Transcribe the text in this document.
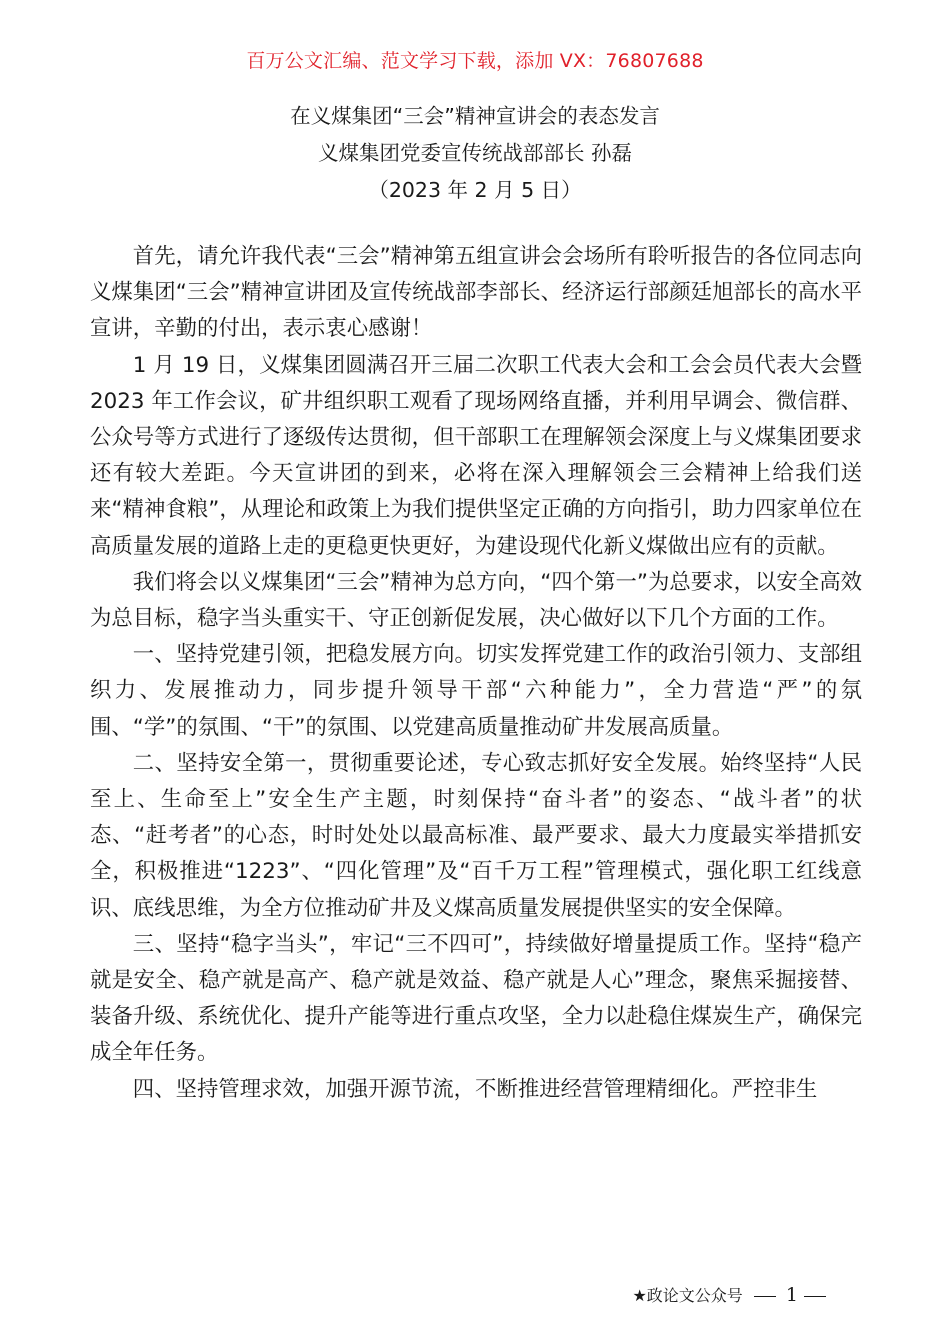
百万公文汇编、范文学习下载，添加 VX：76807688
在义煤集团“三会”精神宣讲会的表态发言
义煤集团党委宣传统战部部长 孙磊
（2023 年 2 月 5 日）

首先，请允许我代表“三会”精神第五组宣讲会会场所有聆听报告的各位同志向义煤集团“三会”精神宣讲团及宣传统战部李部长、经济运行部颜廷旭部长的高水平宣讲，辛勤的付出，表示衷心感谢！

1 月 19 日，义煤集团圆满召开三届二次职工代表大会和工会会员代表大会暨 2023 年工作会议，矿井组织职工观看了现场网络直播，并利用早调会、微信群、公众号等方式进行了逐级传达贯彻，但干部职工在理解领会深度上与义煤集团要求还有较大差距。今天宣讲团的到来，必将在深入理解领会三会精神上给我们送来“精神食粮”，从理论和政策上为我们提供坚定正确的方向指引，助力四家单位在高质量发展的道路上走的更稳更快更好，为建设现代化新义煤做出应有的贡献。

我们将会以义煤集团“三会”精神为总方向，“四个第一”为总要求，以安全高效为总目标，稳字当头重实干、守正创新促发展，决心做好以下几个方面的工作。

一、坚持党建引领，把稳发展方向。切实发挥党建工作的政治引领力、支部组织力、发展推动力，同步提升领导干部“六种能力”，全力营造“严”的氛围、“学”的氛围、“干”的氛围、以党建高质量推动矿井发展高质量。

二、坚持安全第一，贯彻重要论述，专心致志抓好安全发展。始终坚持“人民至上、生命至上”安全生产主题，时刻保持“奋斗者”的姿态、“战斗者”的状态、“赶考者”的心态，时时处处以最高标准、最严要求、最大力度最实举措抓安全，积极推进“1223”、“四化管理”及“百千万工程”管理模式，强化职工红线意识、底线思维，为全方位推动矿井及义煤高质量发展提供坚实的安全保障。

三、坚持“稳字当头”，牢记“三不四可”，持续做好增量提质工作。坚持“稳产就是安全、稳产就是高产、稳产就是效益、稳产就是人心”理念，聚焦采掘接替、装备升级、系统优化、提升产能等进行重点攻坚，全力以赴稳住煤炭生产，确保完成全年任务。

四、坚持管理求效，加强开源节流，不断推进经营管理精细化。严控非生

★政论文公众号 1
